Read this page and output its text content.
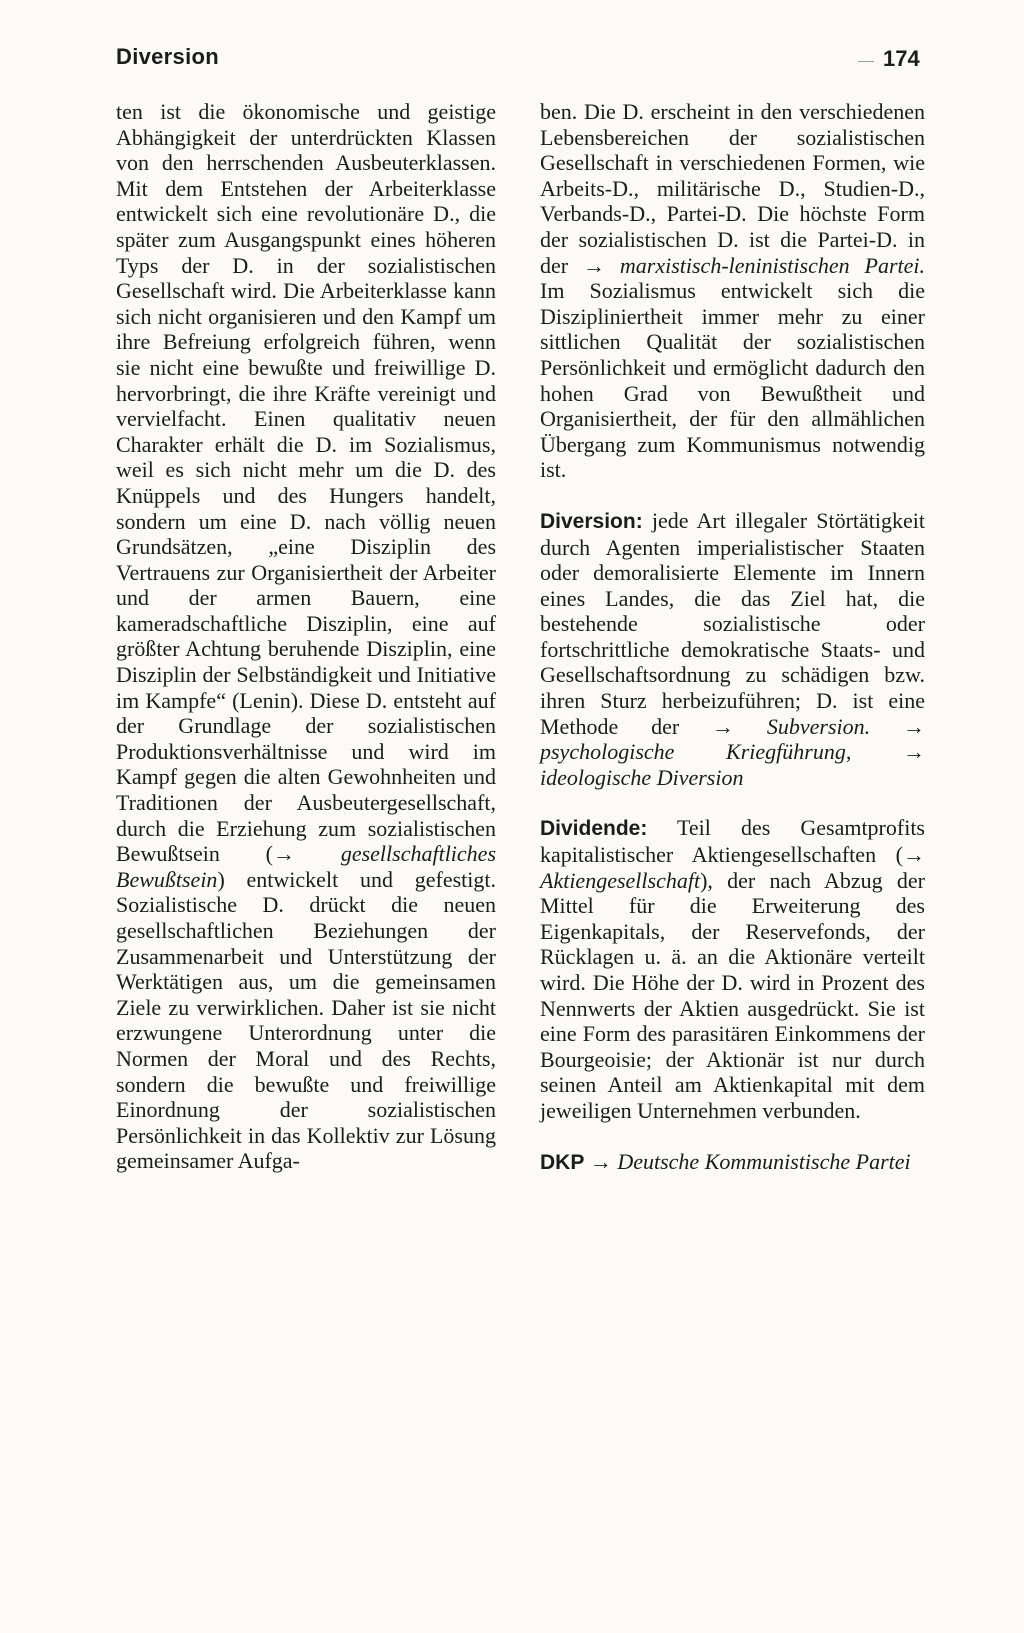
Diversion	174

ten ist die ökonomische und geistige Abhängigkeit der unterdrückten Klassen von den herrschenden Ausbeuterklassen. Mit dem Entstehen der Arbeiterklasse entwickelt sich eine revolutionäre D., die später zum Ausgangspunkt eines höheren Typs der D. in der sozialistischen Gesellschaft wird. Die Arbeiterklasse kann sich nicht organisieren und den Kampf um ihre Befreiung erfolgreich führen, wenn sie nicht eine bewußte und freiwillige D. hervorbringt, die ihre Kräfte vereinigt und vervielfacht. Einen qualitativ neuen Charakter erhält die D. im Sozialismus, weil es sich nicht mehr um die D. des Knüppels und des Hungers handelt, sondern um eine D. nach völlig neuen Grundsätzen, „eine Disziplin des Vertrauens zur Organisiertheit der Arbeiter und der armen Bauern, eine kameradschaftliche Disziplin, eine auf größter Achtung beruhende Disziplin, eine Disziplin der Selbständigkeit und Initiative im Kampfe“ (Lenin). Diese D. entsteht auf der Grundlage der sozialistischen Produktionsverhältnisse und wird im Kampf gegen die alten Gewohnheiten und Traditionen der Ausbeutergesellschaft, durch die Erziehung zum sozialistischen Bewußtsein (→ gesellschaftliches Bewußtsein) entwickelt und gefestigt. Sozialistische D. drückt die neuen gesellschaftlichen Beziehungen der Zusammenarbeit und Unterstützung der Werktätigen aus, um die gemeinsamen Ziele zu verwirklichen. Daher ist sie nicht erzwungene Unterordnung unter die Normen der Moral und des Rechts, sondern die bewußte und freiwillige Einordnung der sozialistischen Persönlichkeit in das Kollektiv zur Lösung gemeinsamer Aufga-

ben. Die D. erscheint in den verschiedenen Lebensbereichen der sozialistischen Gesellschaft in verschiedenen Formen, wie Arbeits-D., militärische D., Studien-D., Verbands-D., Partei-D. Die höchste Form der sozialistischen D. ist die Partei-D. in der → marxistisch-leninistischen Partei. Im Sozialismus entwickelt sich die Diszipliniertheit immer mehr zu einer sittlichen Qualität der sozialistischen Persönlichkeit und ermöglicht dadurch den hohen Grad von Bewußtheit und Organisiertheit, der für den allmählichen Übergang zum Kommunismus notwendig ist.

Diversion: jede Art illegaler Störtätigkeit durch Agenten imperialistischer Staaten oder demoralisierte Elemente im Innern eines Landes, die das Ziel hat, die bestehende sozialistische oder fortschrittliche demokratische Staats- und Gesellschaftsordnung zu schädigen bzw. ihren Sturz herbeizuführen; D. ist eine Methode der → Subversion. → psychologische Kriegführung, → ideologische Diversion

Dividende: Teil des Gesamtprofits kapitalistischer Aktiengesellschaften (→ Aktiengesellschaft), der nach Abzug der Mittel für die Erweiterung des Eigenkapitals, der Reservefonds, der Rücklagen u. ä. an die Aktionäre verteilt wird. Die Höhe der D. wird in Prozent des Nennwerts der Aktien ausgedrückt. Sie ist eine Form des parasitären Einkommens der Bourgeoisie; der Aktionär ist nur durch seinen Anteil am Aktienkapital mit dem jeweiligen Unternehmen verbunden.

DKP → Deutsche Kommunistische Partei
